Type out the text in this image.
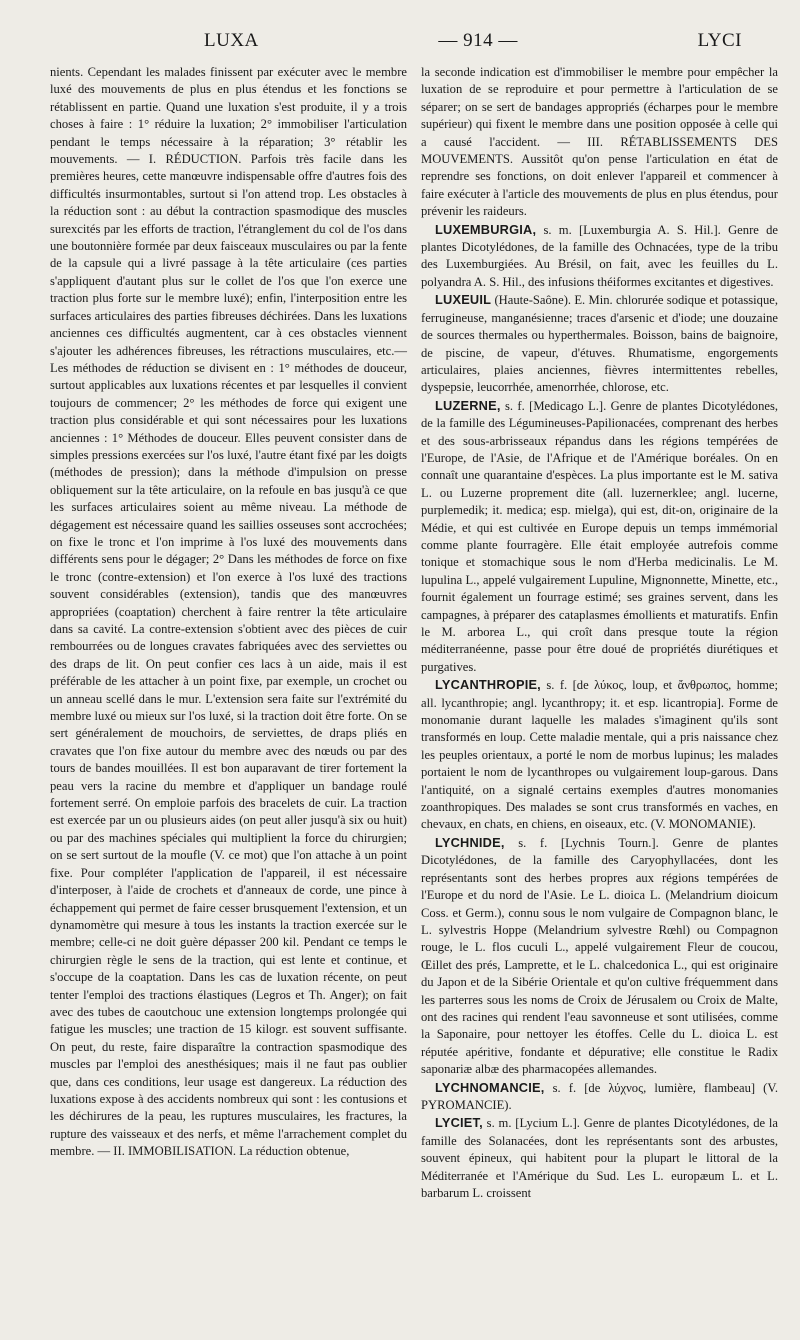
LUXA	— 914 —	LYCI

nients. Cependant les malades finissent par exécuter avec le membre luxé des mouvements de plus en plus étendus et les fonctions se rétablissent en partie. Quand une luxation s'est produite, il y a trois choses à faire : 1° réduire la luxation; 2° immobiliser l'articulation pendant le temps nécessaire à la réparation; 3° rétablir les mouvements. — I. RÉDUCTION. Parfois très facile dans les premières heures, cette manœuvre indispensable offre d'autres fois des difficultés insurmontables, surtout si l'on attend trop. Les obstacles à la réduction sont : au début la contraction spasmodique des muscles surexcités par les efforts de traction, l'étranglement du col de l'os dans une boutonnière formée par deux faisceaux musculaires ou par la fente de la capsule qui a livré passage à la tête articulaire (ces parties s'appliquent d'autant plus sur le collet de l'os que l'on exerce une traction plus forte sur le membre luxé); enfin, l'interposition entre les surfaces articulaires des parties fibreuses déchirées. Dans les luxations anciennes ces difficultés augmentent, car à ces obstacles viennent s'ajouter les adhérences fibreuses, les rétractions musculaires, etc.— Les méthodes de réduction se divisent en : 1° méthodes de douceur, surtout applicables aux luxations récentes et par lesquelles il convient toujours de commencer; 2° les méthodes de force qui exigent une traction plus considérable et qui sont nécessaires pour les luxations anciennes : 1° Méthodes de douceur. Elles peuvent consister dans de simples pressions exercées sur l'os luxé, l'autre étant fixé par les doigts (méthodes de pression); dans la méthode d'impulsion on presse obliquement sur la tête articulaire, on la refoule en bas jusqu'à ce que les surfaces articulaires soient au même niveau. La méthode de dégagement est nécessaire quand les saillies osseuses sont accrochées; on fixe le tronc et l'on imprime à l'os luxé des mouvements dans différents sens pour le dégager; 2° Dans les méthodes de force on fixe le tronc (contre-extension) et l'on exerce à l'os luxé des tractions souvent considérables (extension), tandis que des manœuvres appropriées (coaptation) cherchent à faire rentrer la tête articulaire dans sa cavité. La contre-extension s'obtient avec des pièces de cuir rembourrées ou de longues cravates fabriquées avec des serviettes ou des draps de lit. On peut confier ces lacs à un aide, mais il est préférable de les attacher à un point fixe, par exemple, un crochet ou un anneau scellé dans le mur. L'extension sera faite sur l'extrémité du membre luxé ou mieux sur l'os luxé, si la traction doit être forte. On se sert généralement de mouchoirs, de serviettes, de draps pliés en cravates que l'on fixe autour du membre avec des nœuds ou par des tours de bandes mouillées. Il est bon auparavant de tirer fortement la peau vers la racine du membre et d'appliquer un bandage roulé fortement serré. On emploie parfois des bracelets de cuir. La traction est exercée par un ou plusieurs aides (on peut aller jusqu'à six ou huit) ou par des machines spéciales qui multiplient la force du chirurgien; on se sert surtout de la moufle (V. ce mot) que l'on attache à un point fixe. Pour compléter l'application de l'appareil, il est nécessaire d'interposer, à l'aide de crochets et d'anneaux de corde, une pince à échappement qui permet de faire cesser brusquement l'extension, et un dynamomètre qui mesure à tous les instants la traction exercée sur le membre; celle-ci ne doit guère dépasser 200 kil. Pendant ce temps le chirurgien règle le sens de la traction, qui est lente et continue, et s'occupe de la coaptation. Dans les cas de luxation récente, on peut tenter l'emploi des tractions élastiques (Legros et Th. Anger); on fait avec des tubes de caoutchouc une extension longtemps prolongée qui fatigue les muscles; une traction de 15 kilogr. est souvent suffisante. On peut, du reste, faire disparaître la contraction spasmodique des muscles par l'emploi des anesthésiques; mais il ne faut pas oublier que, dans ces conditions, leur usage est dangereux. La réduction des luxations expose à des accidents nombreux qui sont : les contusions et les déchirures de la peau, les ruptures musculaires, les fractures, la rupture des vaisseaux et des nerfs, et même l'arrachement complet du membre. — II. IMMOBILISATION. La réduction obtenue,

la seconde indication est d'immobiliser le membre pour empêcher la luxation de se reproduire et pour permettre à l'articulation de se séparer; on se sert de bandages appropriés (écharpes pour le membre supérieur) qui fixent le membre dans une position opposée à celle qui a causé l'accident. — III. RÉTABLISSEMENTS DES MOUVEMENTS. Aussitôt qu'on pense l'articulation en état de reprendre ses fonctions, on doit enlever l'appareil et commencer à faire exécuter à l'article des mouvements de plus en plus étendus, pour prévenir les raideurs.

LUXEMBURGIA, s. m. [Luxemburgia A. S. Hil.]. Genre de plantes Dicotylédones, de la famille des Ochnacées, type de la tribu des Luxemburgiées. Au Brésil, on fait, avec les feuilles du L. polyandra A. S. Hil., des infusions théiformes excitantes et digestives.

LUXEUIL (Haute-Saône). E. Min. chlorurée sodique et potassique, ferrugineuse, manganésienne; traces d'arsenic et d'iode; une douzaine de sources thermales ou hyperthermales. Boisson, bains de baignoire, de piscine, de vapeur, d'étuves. Rhumatisme, engorgements articulaires, plaies anciennes, fièvres intermittentes rebelles, dyspepsie, leucorrhée, amenorrhée, chlorose, etc.

LUZERNE, s. f. [Medicago L.]. Genre de plantes Dicotylédones, de la famille des Légumineuses-Papilionacées, comprenant des herbes et des sous-arbrisseaux répandus dans les régions tempérées de l'Europe, de l'Asie, de l'Afrique et de l'Amérique boréales. On en connaît une quarantaine d'espèces. La plus importante est le M. sativa L. ou Luzerne proprement dite (all. luzernerklee; angl. lucerne, purplemedik; it. medica; esp. mielga), qui est, dit-on, originaire de la Médie, et qui est cultivée en Europe depuis un temps immémorial comme plante fourragère. Elle était employée autrefois comme tonique et stomachique sous le nom d'Herba medicinalis. Le M. lupulina L., appelé vulgairement Lupuline, Mignonnette, Minette, etc., fournit également un fourrage estimé; ses graines servent, dans les campagnes, à préparer des cataplasmes émollients et maturatifs. Enfin le M. arborea L., qui croît dans presque toute la région méditerranéenne, passe pour être doué de propriétés diurétiques et purgatives.

LYCANTHROPIE, s. f. [de λύκος, loup, et ἄνθρωπος, homme; all. lycanthropie; angl. lycanthropy; it. et esp. licantropia]. Forme de monomanie durant laquelle les malades s'imaginent qu'ils sont transformés en loup. Cette maladie mentale, qui a pris naissance chez les peuples orientaux, a porté le nom de morbus lupinus; les malades portaient le nom de lycanthropes ou vulgairement loup-garous. Dans l'antiquité, on a signalé certains exemples d'autres monomanies zoanthropiques. Des malades se sont crus transformés en vaches, en chevaux, en chats, en chiens, en oiseaux, etc. (V. MONOMANIE).

LYCHNIDE, s. f. [Lychnis Tourn.]. Genre de plantes Dicotylédones, de la famille des Caryophyllacées, dont les représentants sont des herbes propres aux régions tempérées de l'Europe et du nord de l'Asie. Le L. dioica L. (Melandrium dioicum Coss. et Germ.), connu sous le nom vulgaire de Compagnon blanc, le L. sylvestris Hoppe (Melandrium sylvestre Rœhl) ou Compagnon rouge, le L. flos cuculi L., appelé vulgairement Fleur de coucou, Œillet des prés, Lamprette, et le L. chalcedonica L., qui est originaire du Japon et de la Sibérie Orientale et qu'on cultive fréquemment dans les parterres sous les noms de Croix de Jérusalem ou Croix de Malte, ont des racines qui rendent l'eau savonneuse et sont utilisées, comme la Saponaire, pour nettoyer les étoffes. Celle du L. dioica L. est réputée apéritive, fondante et dépurative; elle constitue le Radix saponariæ albæ des pharmacopées allemandes.

LYCHNOMANCIE, s. f. [de λύχνος, lumière, flambeau] (V. PYROMANCIE).

LYCIET, s. m. [Lycium L.]. Genre de plantes Dicotylédones, de la famille des Solanacées, dont les représentants sont des arbustes, souvent épineux, qui habitent pour la plupart le littoral de la Méditerranée et l'Amérique du Sud. Les L. europæum L. et L. barbarum L. croissent
